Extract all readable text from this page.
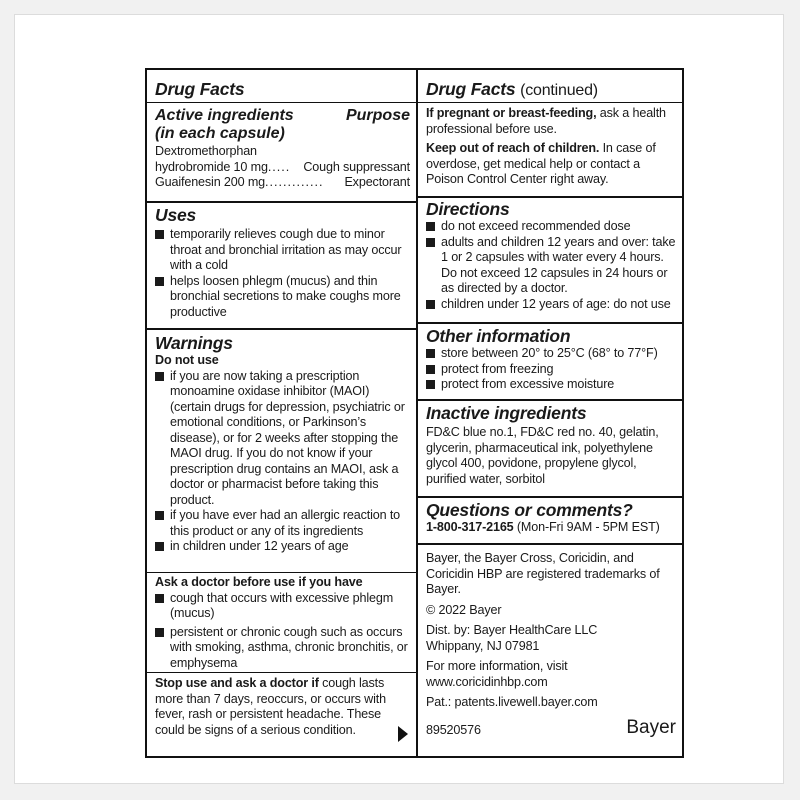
Drug Facts
Active ingredients	Purpose
(in each capsule)
Dextromethorphan
hydrobromide 10 mg .....	Cough suppressant
Guaifenesin 200 mg .............	Expectorant
Uses
temporarily relieves cough due to minor throat and bronchial irritation as may occur with a cold
helps loosen phlegm (mucus) and thin bronchial secretions to make coughs more productive
Warnings
Do not use
if you are now taking a prescription monoamine oxidase inhibitor (MAOI) (certain drugs for depression, psychiatric or emotional conditions, or Parkinson’s disease), or for 2 weeks after stopping the MAOI drug. If you do not know if your prescription drug contains an MAOI, ask a doctor or pharmacist before taking this product.
if you have ever had an allergic reaction to this product or any of its ingredients
in children under 12 years of age
Ask a doctor before use if you have
cough that occurs with excessive phlegm (mucus)
persistent or chronic cough such as occurs with smoking, asthma, chronic bronchitis, or emphysema
Stop use and ask a doctor if cough lasts more than 7 days, reoccurs, or occurs with fever, rash or persistent headache. These could be signs of a serious condition.
Drug Facts (continued)
If pregnant or breast-feeding, ask a health professional before use.
Keep out of reach of children. In case of overdose, get medical help or contact a Poison Control Center right away.
Directions
do not exceed recommended dose
adults and children 12 years and over: take 1 or 2 capsules with water every 4 hours. Do not exceed 12 capsules in 24 hours or as directed by a doctor.
children under 12 years of age: do not use
Other information
store between 20° to 25°C (68° to 77°F)
protect from freezing
protect from excessive moisture
Inactive ingredients
FD&C blue no.1, FD&C red no. 40, gelatin, glycerin, pharmaceutical ink, polyethylene glycol 400, povidone, propylene glycol, purified water, sorbitol
Questions or comments?
1-800-317-2165 (Mon-Fri 9AM - 5PM EST)
Bayer, the Bayer Cross, Coricidin, and Coricidin HBP are registered trademarks of Bayer.
© 2022 Bayer
Dist. by: Bayer HealthCare LLC
Whippany, NJ 07981
For more information, visit
www.coricidinhbp.com
Pat.: patents.livewell.bayer.com
89520576	Bayer
